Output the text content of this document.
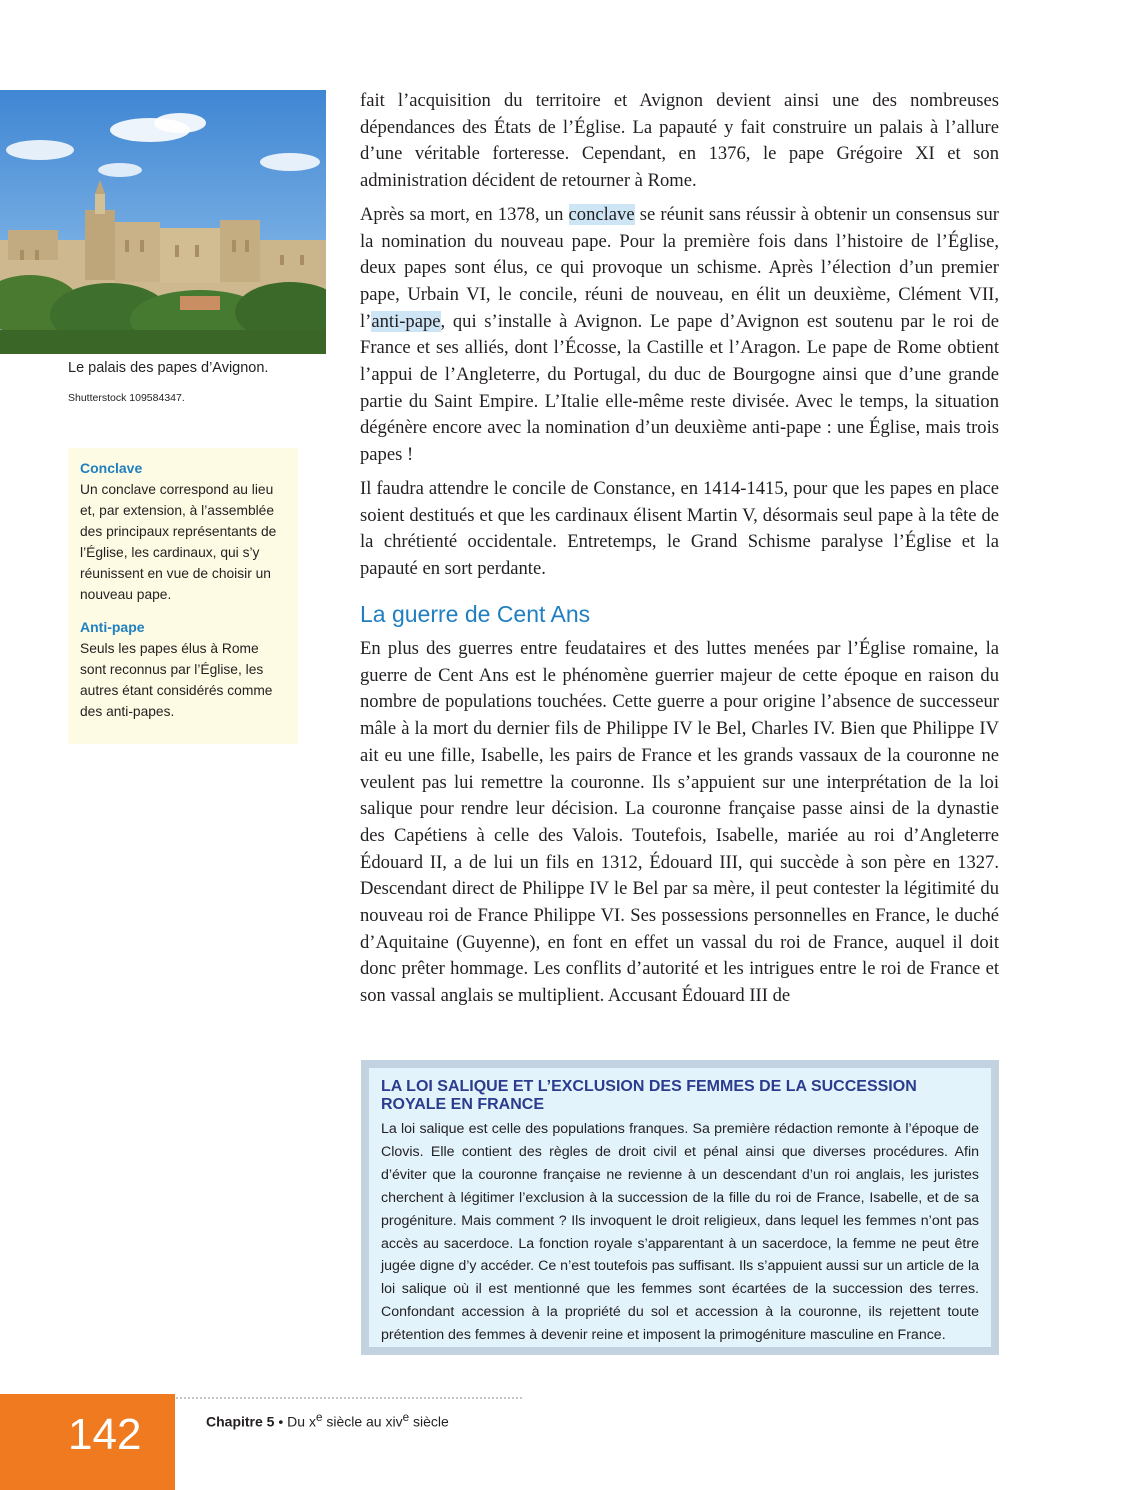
Le palais des papes d’Avignon.
Shutterstock 109584347.
Conclave
Un conclave correspond au lieu et, par extension, à l’assemblée des principaux représentants de l’Église, les cardinaux, qui s’y réunissent en vue de choisir un nouveau pape.
Anti-pape
Seuls les papes élus à Rome sont reconnus par l’Église, les autres étant considérés comme des anti-papes.

fait l’acquisition du territoire et Avignon devient ainsi une des nombreuses dépendances des États de l’Église. La papauté y fait construire un palais à l’allure d’une véritable forteresse. Cependant, en 1376, le pape Grégoire XI et son administration décident de retourner à Rome.

Après sa mort, en 1378, un conclave se réunit sans réussir à obtenir un consensus sur la nomination du nouveau pape. Pour la première fois dans l’histoire de l’Église, deux papes sont élus, ce qui provoque un schisme. Après l’élection d’un premier pape, Urbain VI, le concile, réuni de nouveau, en élit un deuxième, Clément VII, l’anti-pape, qui s’installe à Avignon. Le pape d’Avignon est soutenu par le roi de France et ses alliés, dont l’Écosse, la Castille et l’Aragon. Le pape de Rome obtient l’appui de l’Angleterre, du Portugal, du duc de Bourgogne ainsi que d’une grande partie du Saint Empire. L’Italie elle-même reste divisée. Avec le temps, la situation dégénère encore avec la nomination d’un deuxième anti-pape : une Église, mais trois papes !

Il faudra attendre le concile de Constance, en 1414-1415, pour que les papes en place soient destitués et que les cardinaux élisent Martin V, désormais seul pape à la tête de la chrétienté occidentale. Entretemps, le Grand Schisme paralyse l’Église et la papauté en sort perdante.

La guerre de Cent Ans

En plus des guerres entre feudataires et des luttes menées par l’Église romaine, la guerre de Cent Ans est le phénomène guerrier majeur de cette époque en raison du nombre de populations touchées. Cette guerre a pour origine l’absence de successeur mâle à la mort du dernier fils de Philippe IV le Bel, Charles IV. Bien que Philippe IV ait eu une fille, Isabelle, les pairs de France et les grands vassaux de la couronne ne veulent pas lui remettre la couronne. Ils s’appuient sur une interprétation de la loi salique pour rendre leur décision. La couronne française passe ainsi de la dynastie des Capétiens à celle des Valois. Toutefois, Isabelle, mariée au roi d’Angleterre Édouard II, a de lui un fils en 1312, Édouard III, qui succède à son père en 1327. Descendant direct de Philippe IV le Bel par sa mère, il peut contester la légitimité du nouveau roi de France Philippe VI. Ses possessions personnelles en France, le duché d’Aquitaine (Guyenne), en font en effet un vassal du roi de France, auquel il doit donc prêter hommage. Les conflits d’autorité et les intrigues entre le roi de France et son vassal anglais se multiplient. Accusant Édouard III de

LA LOI SALIQUE ET L’EXCLUSION DES FEMMES DE LA SUCCESSION ROYALE EN FRANCE
La loi salique est celle des populations franques. Sa première rédaction remonte à l’époque de Clovis. Elle contient des règles de droit civil et pénal ainsi que diverses procédures. Afin d’éviter que la couronne française ne revienne à un descendant d’un roi anglais, les juristes cherchent à légitimer l’exclusion à la succession de la fille du roi de France, Isabelle, et de sa progéniture. Mais comment ? Ils invoquent le droit religieux, dans lequel les femmes n’ont pas accès au sacerdoce. La fonction royale s’apparentant à un sacerdoce, la femme ne peut être jugée digne d’y accéder. Ce n’est toutefois pas suffisant. Ils s’appuient aussi sur un article de la loi salique où il est mentionné que les femmes sont écartées de la succession des terres. Confondant accession à la propriété du sol et accession à la couronne, ils rejettent toute prétention des femmes à devenir reine et imposent la primogéniture masculine en France.
142	Chapitre 5 • Du $x^e$ siècle au xiv$^e$ siècle
